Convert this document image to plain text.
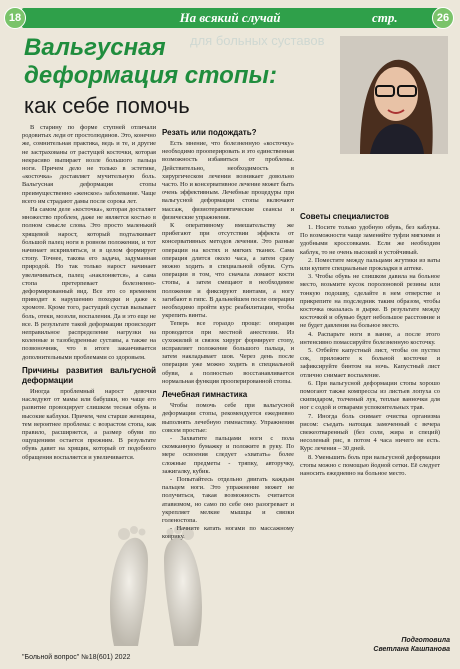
18	На всякий случай	стр.	26
для больных суставов
Вальгусная деформация стопы:
как себе помочь

В старину по форме ступней отличали родовитых леди от простолюдинов. Это, конечно же, сомнительная практика, ведь и те, и другие не застрахованы от растущей косточки, которая некрасиво выпирает возле большого пальца ноги. Причем дело не только в эстетике, «косточка» доставляет мучительную боль. Вальгусная деформация стопы преимущественно «женское» заболевание. Чаще всего им страдают дамы после сорока лет.

На самом деле «косточка», которая досталяет множество проблем, даже не является костью в полном смысле слова. Это просто маленький хрящевой нарост, который подталкивает большой палец ноги в ровном положении, и тот начинает искривляться, и в целом формирует стопу. Точнее, такова его задача, задуманная природой. Но так только нарост начинает увеличиваться, палец «наклоняется», а сама стопа претерпевает болезненно-деформированный вид. Все это со временем приводит к нарушению походки и даже к хромоте. Кроме того, растущий сустав вызывает боль, отеки, мозоли, воспаления. Да и это еще не все. В результате такой деформации происходит неправильное распределение нагрузки на коленные и тазобедренные суставы, а также на позвоночник, что в итоге заканчивается дополнительными проблемами со здоровьем.

Причины развития вальгусной деформации

Иногда проблемный нарост девочки наследуют от мамы или бабушки, но чаще его развитие провоцирует слишком тесная обувь и высокие каблуки. Причем, чем старше женщина, тем вероятнее проблема: с возрастом стопа, как правило, расширяется, а размер обуви по ощущениям остается прежним. В результате обувь давит на хрящик, который от подобного обращения воспаляется и увеличивается.

Резать или подождать?

Есть мнение, что болезненную «косточку» необходимо прооперировать и это единственная возможность избавиться от проблемы. Действительно, необходимость в хирургическом лечении возникает довольно часто. Но и консервативное лечение может быть очень эффективным. Лечебные процедуры при вальгусной деформации стопы включают массаж, физиотерапевтические сеансы и физические упражнения.

К оперативному вмешательству же прибегают при отсутствии эффекта от консервативных методов лечения. Это разные операции на костях и мягких тканях. Сама операция длится около часа, а затем сразу можно ходить в специальной обуви. Суть операции в том, что сначала ломают кости стопы, а затем смещают в необходимое положение и фиксируют винтами, а ногу загибают в гипс. В дальнейшем после операции необходимо пройти курс реабилитации, чтобы укрепить винты.

Теперь все гораздо проще: операция проводится при местной анестезии. Из сухожилий и связок хирург формирует стопу, исправляет положение большого пальца, и затем накладывает шов. Через день после операции уже можно ходить в специальной обуви, а полностью восстанавливается нормальная функция прооперированной стопы.

Лечебная гимнастика

Чтобы помочь себе при вальгусной деформации стопы, рекомендуется ежедневно выполнять лечебную гимнастику. Упражнения совсем простые:

- Захватите пальцами ноги с пола скомканную бумажку и положите в руку. По мере освоения следует «хватать» более сложные предметы - тряпку, авторучку, зажигалку, кубик.

- Попытайтесь отдельно двигать каждым пальцем ноги. Это упражнение может не получиться, такая возможность считается атавизмом, но само по себе оно разогревает и укрепляет мелкие мышцы и связки голеностопа.

- Начните катать ногами по массажному коврику.

Советы специалистов

1. Носите только удобную обувь, без каблука. По возможности чаще заменяйте туфли мягкими и удобными кроссовками. Если же необходим каблук, то не очень высокий и устойчивый.

2. Поместите между пальцами жгутики из ваты или купите специальные прокладки в аптеке.

3. Чтобы обувь не слишком давила на больное место, возьмите кусок поролоновой резины или тонкую подошву, сделайте в нем отверстие и прикрепите на подследник таким образом, чтобы косточка оказалась в дырке. В результате между косточкой и обувью будет небольшое расстояние и не будет давления на больное место.

4. Распарьте ноги в ванне, а после этого интенсивно помассируйте болезненную косточку.

5. Отбейте капустный лист, чтобы он пустил сок, приложите к больной косточке и зафиксируйте бинтом на ночь. Капустный лист отлично снимает воспаление.

6. При вальгусной деформации стопы хорошо помогают также компрессы из листьев лопуха со скипидаром, толченый лук, теплые ванночки для ног с содой и отварами успокоительных трав.

7. Иногда боль снимает очистка организма рисом: съедать натощак замоченный с вечера свежеотваренный (без соли, жира и специй) несоленый рис, в потом 4 часа ничего не есть. Курс лечения – 30 дней.

8. Уменьшить боль при вальгусной деформации стопы можно с помощью йодной сетки. Её следует наносить ежедневно на больное место.

Подготовила
Светлана Кашпанова
"Больной вопрос" №18(601) 2022
